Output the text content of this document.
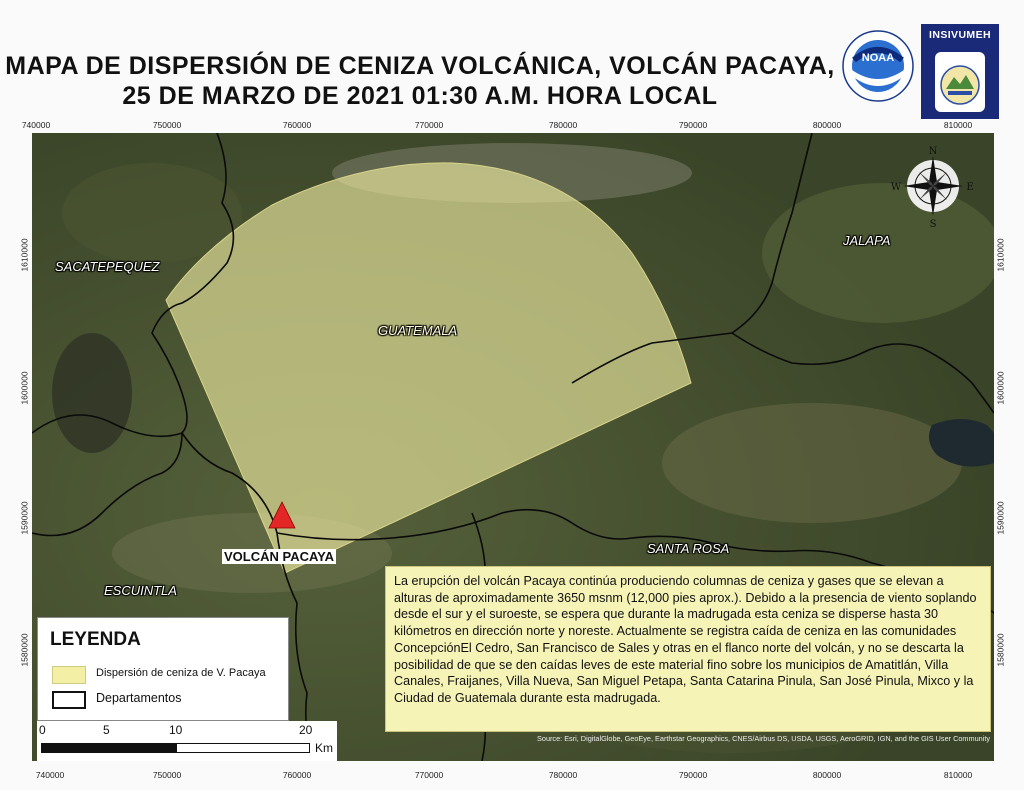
MAPA DE DISPERSIÓN DE CENIZA VOLCÁNICA, VOLCÁN PACAYA,
25 DE MARZO DE 2021 01:30 A.M. HORA LOCAL
NOAA
INSIVUMEH
740000	750000	760000	770000	780000	790000	800000	810000
740000	750000	760000	770000	780000	790000	800000	810000
1610000
1600000
1590000
1580000
1610000
1600000
1590000
1580000
N
S
E
W
SACATEPEQUEZ
GUATEMALA
JALAPA
SANTA ROSA
ESCUINTLA
VOLCÁN PACAYA

La erupción del volcán Pacaya continúa produciendo columnas de ceniza y gases que se elevan a alturas de aproximadamente 3650 msnm (12,000 pies aprox.). Debido a la presencia de viento soplando desde el sur y el suroeste, se espera que durante la madrugada esta ceniza se disperse hasta 30 kilómetros en dirección norte y noreste. Actualmente se registra caída de ceniza en las comunidades ConcepciónEl Cedro, San Francisco de Sales y otras en el flanco norte del volcán, y no se descarta la posibilidad de que se den caídas leves de este material fino sobre los municipios de Amatitlán, Villa Canales, Fraijanes, Villa Nueva, San Miguel Petapa, Santa Catarina Pinula, San José Pinula, Mixco y la Ciudad de Guatemala durante esta madrugada.

LEYENDA
Dispersión de ceniza de V. Pacaya
Departamentos
0	5	10	20
Km
Source: Esri, DigitalGlobe, GeoEye, Earthstar Geographics, CNES/Airbus DS, USDA, USGS, AeroGRID, IGN, and the GIS User Community
